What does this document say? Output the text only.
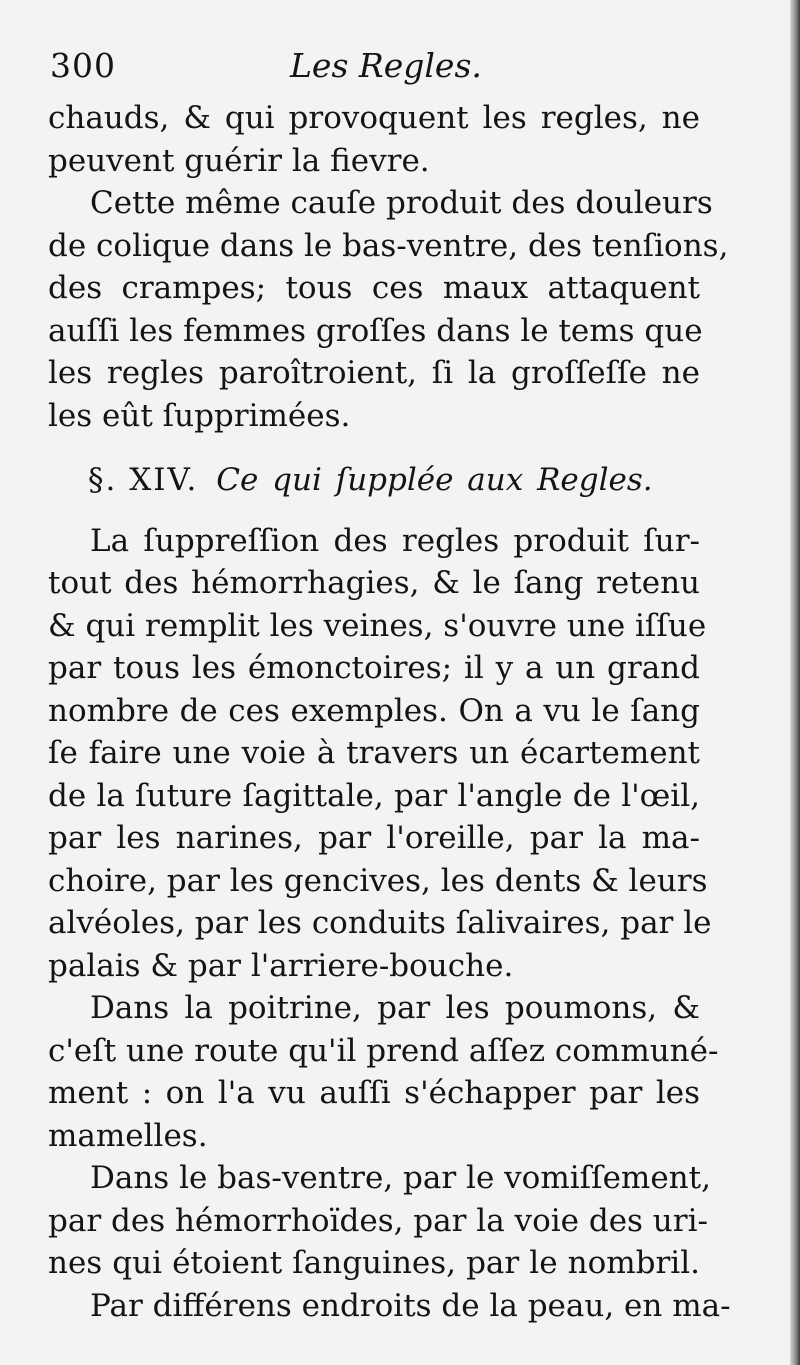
300	Les Regles.
chauds, & qui provoquent les regles, ne
peuvent guérir la fievre.
Cette même cauſe produit des douleurs
de colique dans le bas-ventre, des tenſions,
des crampes; tous ces maux attaquent
auſſi les femmes groſſes dans le tems que
les regles paroîtroient, ſi la groſſeſſe ne
les eût ſupprimées.
§. XIV. Ce qui ſupplée aux Regles.
La ſuppreſſion des regles produit ſur-
tout des hémorrhagies, & le ſang retenu
& qui remplit les veines, s'ouvre une iſſue
par tous les émonctoires; il y a un grand
nombre de ces exemples. On a vu le ſang
ſe faire une voie à travers un écartement
de la ſuture ſagittale, par l'angle de l'œil,
par les narines, par l'oreille, par la ma-
choire, par les gencives, les dents & leurs
alvéoles, par les conduits ſalivaires, par le
palais & par l'arriere-bouche.
Dans la poitrine, par les poumons, &
c'eſt une route qu'il prend aſſez communé-
ment : on l'a vu auſſi s'échapper par les
mamelles.
Dans le bas-ventre, par le vomiſſement,
par des hémorrhoïdes, par la voie des uri-
nes qui étoient ſanguines, par le nombril.
Par différens endroits de la peau, en ma-
